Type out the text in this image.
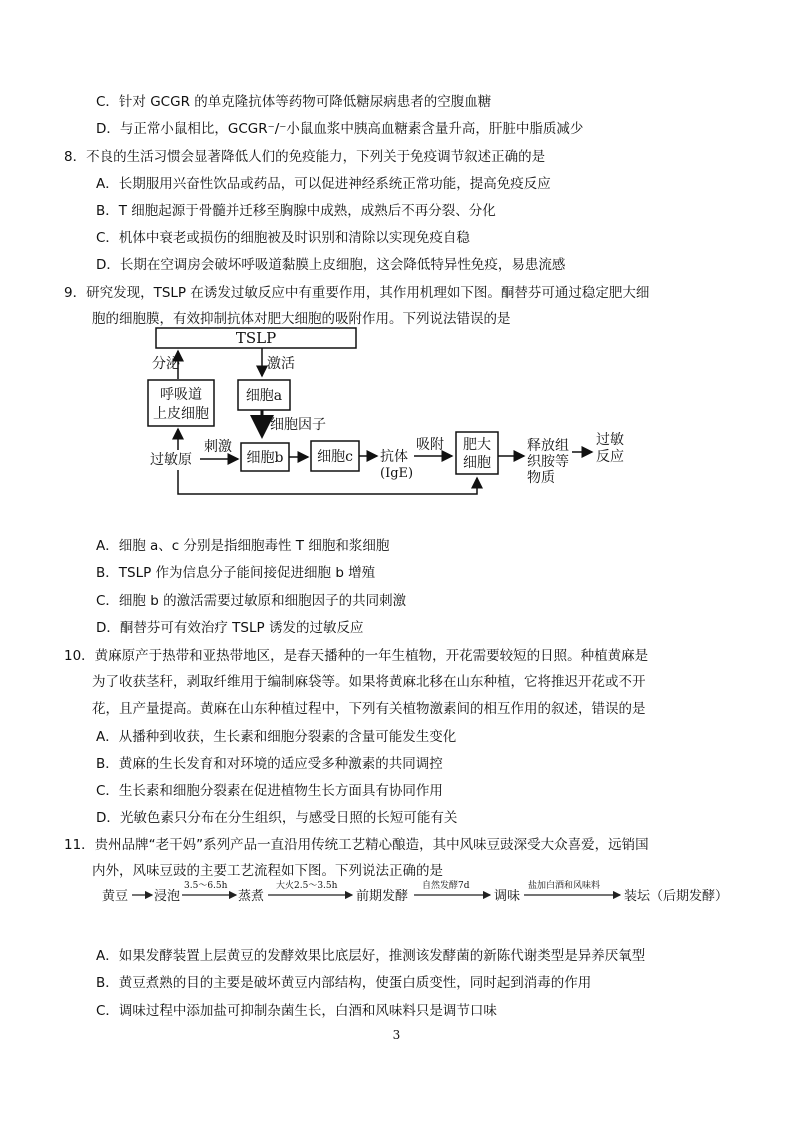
C．针对 GCGR 的单克隆抗体等药物可降低糖尿病患者的空腹血糖
D．与正常小鼠相比，GCGR⁻/⁻小鼠血浆中胰高血糖素含量升高，肝脏中脂质减少
8．不良的生活习惯会显著降低人们的免疫能力，下列关于免疫调节叙述正确的是
A．长期服用兴奋性饮品或药品，可以促进神经系统正常功能，提高免疫反应
B．T 细胞起源于骨髓并迁移至胸腺中成熟，成熟后不再分裂、分化
C．机体中衰老或损伤的细胞被及时识别和清除以实现免疫自稳
D．长期在空调房会破坏呼吸道黏膜上皮细胞，这会降低特异性免疫，易患流感
9．研究发现，TSLP 在诱发过敏反应中有重要作用，其作用机理如下图。酮替芬可通过稳定肥大细
胞的细胞膜，有效抑制抗体对肥大细胞的吸附作用。下列说法错误的是
TSLP
分泌	激活
呼吸道
上皮细胞
细胞a
细胞因子
过敏原
刺激
细胞b 细胞c 抗体
(IgE)
吸附 肥大
细胞
释放组
织胺等
物质
过敏
反应
A．细胞 a、c 分别是指细胞毒性 T 细胞和浆细胞
B．TSLP 作为信息分子能间接促进细胞 b 增殖
C．细胞 b 的激活需要过敏原和细胞因子的共同刺激
D．酮替芬可有效治疗 TSLP 诱发的过敏反应
10．黄麻原产于热带和亚热带地区，是春天播种的一年生植物，开花需要较短的日照。种植黄麻是
为了收获茎秆，剥取纤维用于编制麻袋等。如果将黄麻北移在山东种植，它将推迟开花或不开
花，且产量提高。黄麻在山东种植过程中，下列有关植物激素间的相互作用的叙述，错误的是
A．从播种到收获，生长素和细胞分裂素的含量可能发生变化
B．黄麻的生长发育和对环境的适应受多种激素的共同调控
C．生长素和细胞分裂素在促进植物生长方面具有协同作用
D．光敏色素只分布在分生组织，与感受日照的长短可能有关
11．贵州品牌“老干妈”系列产品一直沿用传统工艺精心酿造，其中风味豆豉深受大众喜爱，远销国
内外，风味豆豉的主要工艺流程如下图。下列说法正确的是
黄豆 浸泡
3.5～6.5h
蒸煮
大火2.5～3.5h
前期发酵
自然发酵7d
调味
盐加白酒和风味料
装坛（后期发酵）
A．如果发酵装置上层黄豆的发酵效果比底层好，推测该发酵菌的新陈代谢类型是异养厌氧型
B．黄豆煮熟的目的主要是破坏黄豆内部结构，使蛋白质变性，同时起到消毒的作用
C．调味过程中添加盐可抑制杂菌生长，白酒和风味料只是调节口味
3
